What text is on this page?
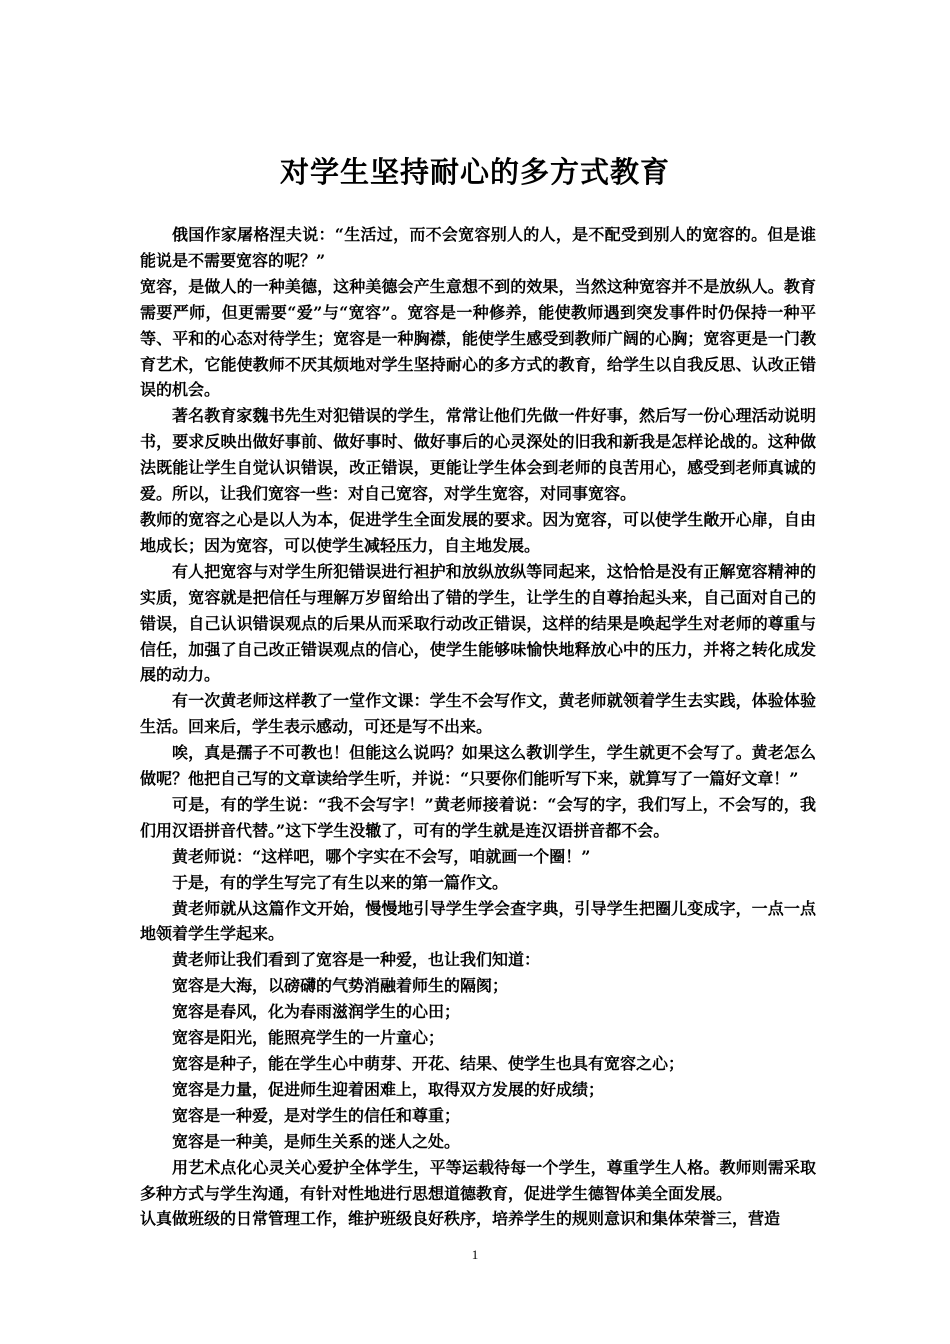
对学生坚持耐心的多方式教育

俄国作家屠格涅夫说：“生活过，而不会宽容别人的人，是不配受到别人的宽容的。但是谁能说是不需要宽容的呢？”

宽容，是做人的一种美德，这种美德会产生意想不到的效果，当然这种宽容并不是放纵人。教育需要严师，但更需要“爱”与“宽容”。宽容是一种修养，能使教师遇到突发事件时仍保持一种平等、平和的心态对待学生；宽容是一种胸襟，能使学生感受到教师广阔的心胸；宽容更是一门教育艺术，它能使教师不厌其烦地对学生坚持耐心的多方式的教育，给学生以自我反思、认改正错误的机会。

著名教育家魏书先生对犯错误的学生，常常让他们先做一件好事，然后写一份心理活动说明书，要求反映出做好事前、做好事时、做好事后的心灵深处的旧我和新我是怎样论战的。这种做法既能让学生自觉认识错误，改正错误，更能让学生体会到老师的良苦用心，感受到老师真诚的爱。所以，让我们宽容一些：对自己宽容，对学生宽容，对同事宽容。

教师的宽容之心是以人为本，促进学生全面发展的要求。因为宽容，可以使学生敞开心扉，自由地成长；因为宽容，可以使学生减轻压力，自主地发展。

有人把宽容与对学生所犯错误进行袒护和放纵放纵等同起来，这恰恰是没有正解宽容精神的实质，宽容就是把信任与理解万岁留给出了错的学生，让学生的自尊抬起头来，自己面对自己的错误，自己认识错误观点的后果从而采取行动改正错误，这样的结果是唤起学生对老师的尊重与信任，加强了自己改正错误观点的信心，使学生能够味愉快地释放心中的压力，并将之转化成发展的动力。

有一次黄老师这样教了一堂作文课：学生不会写作文，黄老师就领着学生去实践，体验体验生活。回来后，学生表示感动，可还是写不出来。

唉，真是孺子不可教也！但能这么说吗？如果这么教训学生，学生就更不会写了。黄老怎么做呢？他把自己写的文章读给学生听，并说：“只要你们能听写下来，就算写了一篇好文章！”

可是，有的学生说：“我不会写字！”黄老师接着说：“会写的字，我们写上，不会写的，我们用汉语拼音代替。”这下学生没辙了，可有的学生就是连汉语拼音都不会。

黄老师说：“这样吧，哪个字实在不会写，咱就画一个圈！”

于是，有的学生写完了有生以来的第一篇作文。

黄老师就从这篇作文开始，慢慢地引导学生学会查字典，引导学生把圈儿变成字，一点一点地领着学生学起来。

黄老师让我们看到了宽容是一种爱，也让我们知道：

宽容是大海，以磅礴的气势消融着师生的隔阂；

宽容是春风，化为春雨滋润学生的心田；

宽容是阳光，能照亮学生的一片童心；

宽容是种子，能在学生心中萌芽、开花、结果、使学生也具有宽容之心；

宽容是力量，促进师生迎着困难上，取得双方发展的好成绩；

宽容是一种爱，是对学生的信任和尊重；

宽容是一种美，是师生关系的迷人之处。

用艺术点化心灵关心爱护全体学生，平等运载待每一个学生，尊重学生人格。教师则需采取多种方式与学生沟通，有针对性地进行思想道德教育，促进学生德智体美全面发展。

认真做班级的日常管理工作，维护班级良好秩序，培养学生的规则意识和集体荣誉三，营造

1
